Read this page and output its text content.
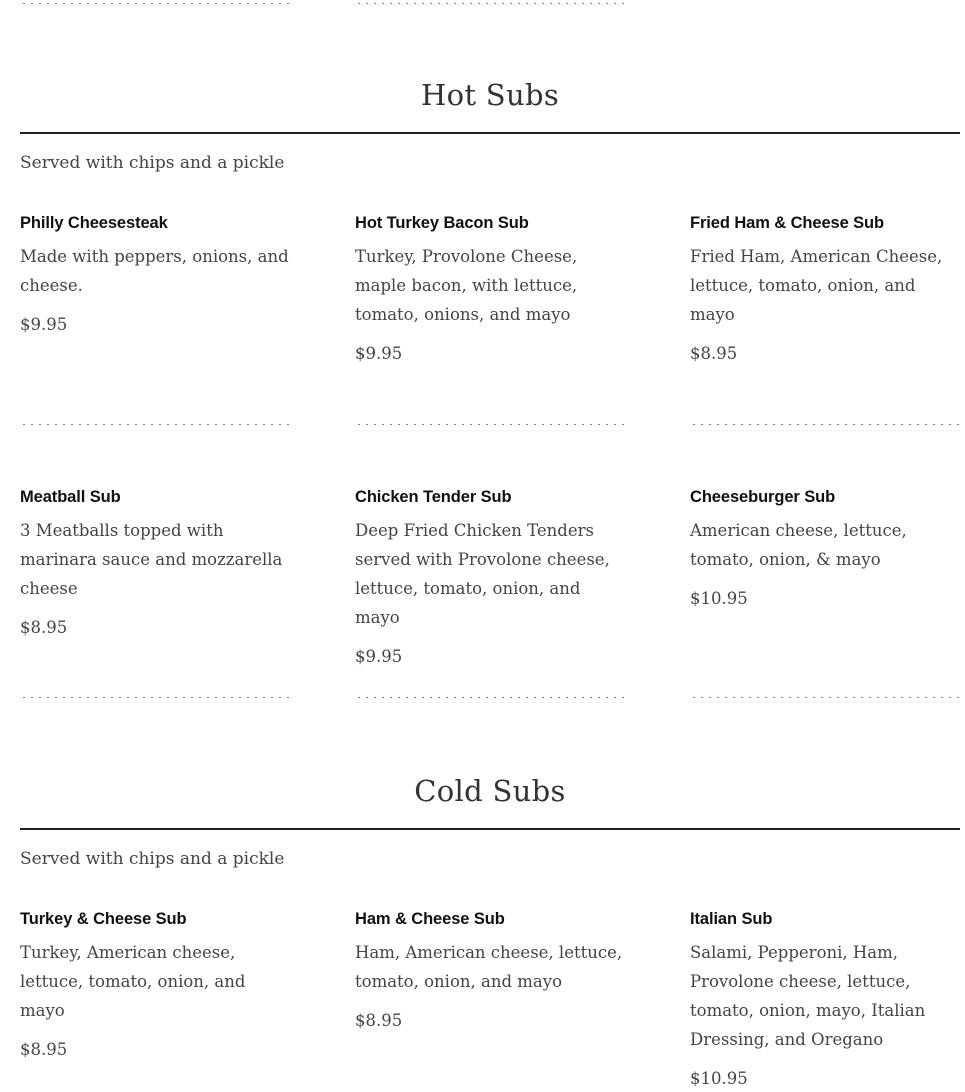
Hot Subs
Served with chips and a pickle
Philly Cheesesteak
Made with peppers, onions, and cheese.
$9.95
Hot Turkey Bacon Sub
Turkey, Provolone Cheese, maple bacon, with lettuce, tomato, onions, and mayo
$9.95
Fried Ham & Cheese Sub
Fried Ham, American Cheese, lettuce, tomato, onion, and mayo
$8.95
Meatball Sub
3 Meatballs topped with marinara sauce and mozzarella cheese
$8.95
Chicken Tender Sub
Deep Fried Chicken Tenders served with Provolone cheese, lettuce, tomato, onion, and mayo
$9.95
Cheeseburger Sub
American cheese, lettuce, tomato, onion, & mayo
$10.95
Cold Subs
Served with chips and a pickle
Turkey & Cheese Sub
Turkey, American cheese, lettuce, tomato, onion, and mayo
$8.95
Ham & Cheese Sub
Ham, American cheese, lettuce, tomato, onion, and mayo
$8.95
Italian Sub
Salami, Pepperoni, Ham, Provolone cheese, lettuce, tomato, onion, mayo, Italian Dressing, and Oregano
$10.95
